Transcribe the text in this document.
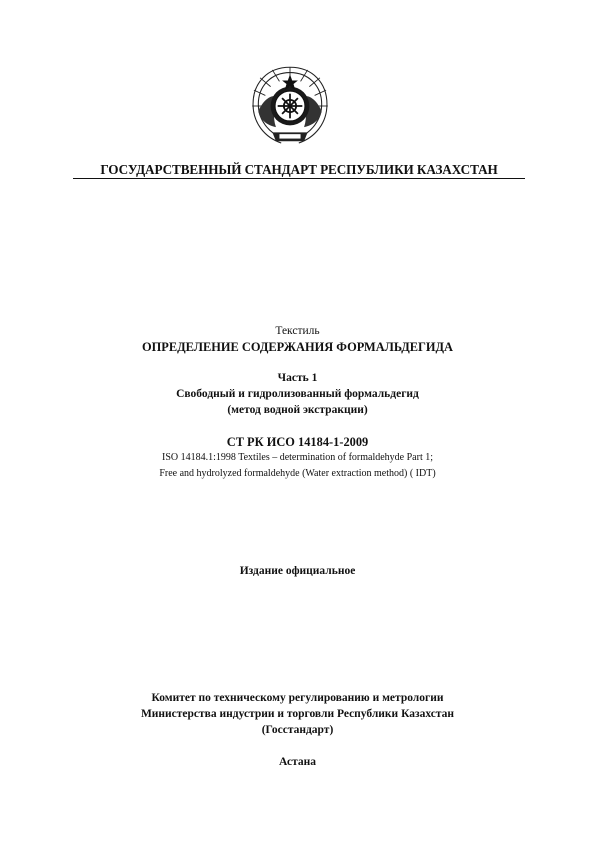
ГОСУДАРСТВЕННЫЙ СТАНДАРТ РЕСПУБЛИКИ КАЗАХСТАН
Текстиль
ОПРЕДЕЛЕНИЕ СОДЕРЖАНИЯ ФОРМАЛЬДЕГИДА
Часть 1
Свободный и гидролизованный формальдегид
(метод водной экстракции)
СТ РК ИСО 14184-1-2009
ISO 14184.1:1998 Textiles – determination of formaldehyde Part 1;
Free and hydrolyzed formaldehyde (Water extraction method) ( IDT)
Издание официальное
Комитет по техническому регулированию и метрологии
Министерства индустрии и торговли Республики Казахстан
(Госстандарт)
Астана
